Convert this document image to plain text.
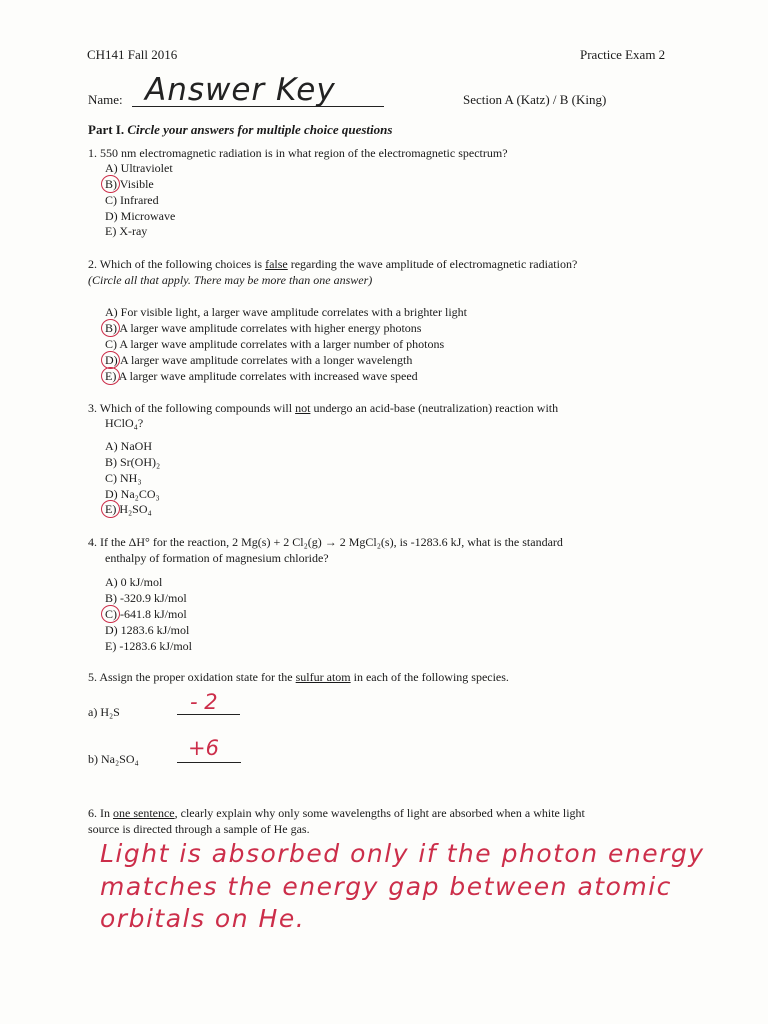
CH141 Fall 2016	Practice Exam 2
Name: Answer Key	Section A (Katz) / B (King)
Part I. Circle your answers for multiple choice questions
1. 550 nm electromagnetic radiation is in what region of the electromagnetic spectrum?
A) Ultraviolet
B) Visible
C) Infrared
D) Microwave
E) X-ray
2. Which of the following choices is false regarding the wave amplitude of electromagnetic radiation?
(Circle all that apply. There may be more than one answer)
A) For visible light, a larger wave amplitude correlates with a brighter light
B) A larger wave amplitude correlates with higher energy photons
C) A larger wave amplitude correlates with a larger number of photons
D) A larger wave amplitude correlates with a longer wavelength
E) A larger wave amplitude correlates with increased wave speed
3. Which of the following compounds will not undergo an acid-base (neutralization) reaction with
HClO₄?
A) NaOH
B) Sr(OH)₂
C) NH₃
D) Na₂CO₃
E) H₂SO₄
4. If the ΔH° for the reaction, 2 Mg(s) + 2 Cl₂(g) → 2 MgCl₂(s), is -1283.6 kJ, what is the standard
enthalpy of formation of magnesium chloride?
A) 0 kJ/mol
B) -320.9 kJ/mol
C) -641.8 kJ/mol
D) 1283.6 kJ/mol
E) -1283.6 kJ/mol
5. Assign the proper oxidation state for the sulfur atom in each of the following species.
a) H₂S	- 2
b) Na₂SO₄ +6
6. In one sentence, clearly explain why only some wavelengths of light are absorbed when a white light
source is directed through a sample of He gas.
Light is absorbed only if the photon energy
matches the energy gap between atomic
orbitals on He.
